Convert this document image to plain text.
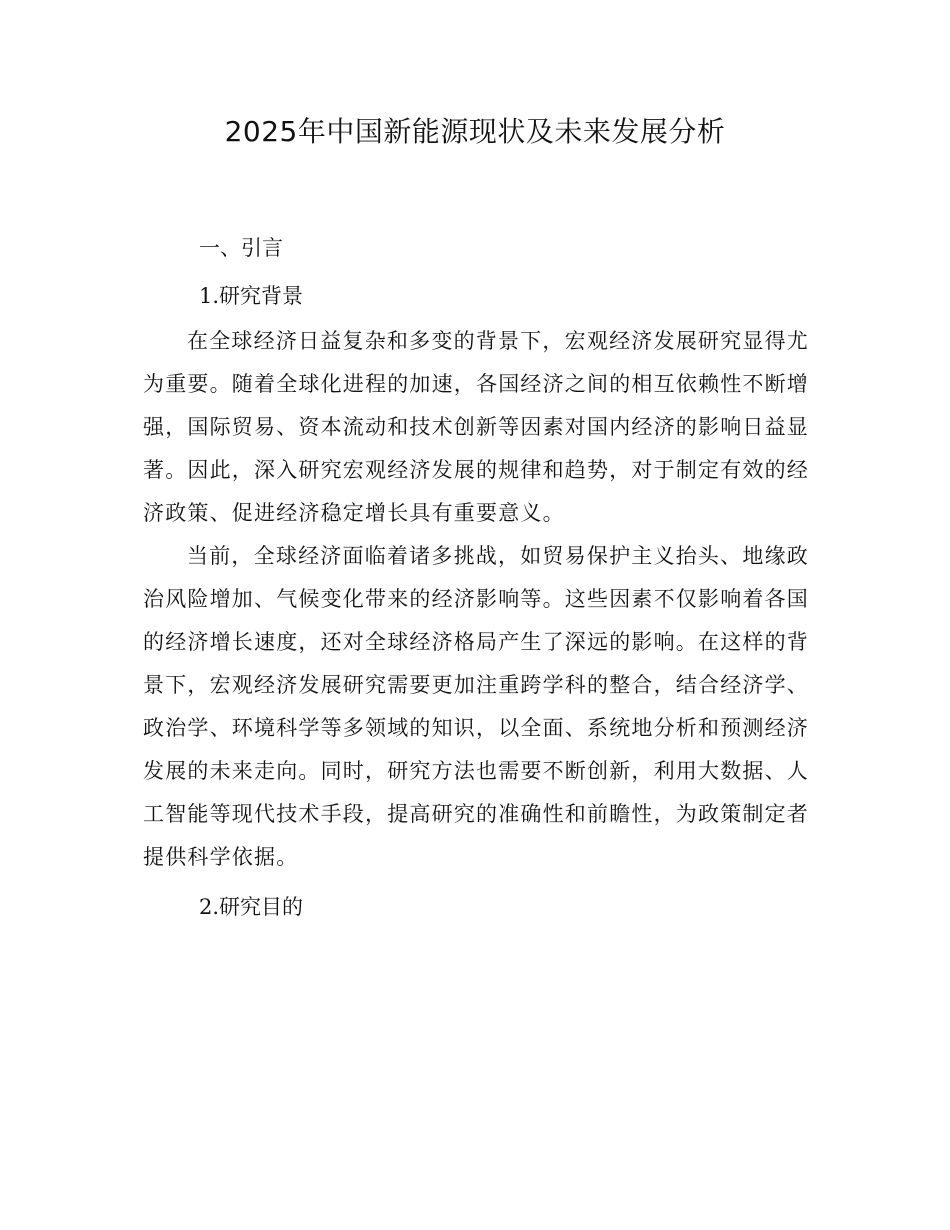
2025年中国新能源现状及未来发展分析
一、引言
1.研究背景

在全球经济日益复杂和多变的背景下，宏观经济发展研究显得尤为重要。随着全球化进程的加速，各国经济之间的相互依赖性不断增强，国际贸易、资本流动和技术创新等因素对国内经济的影响日益显著。因此，深入研究宏观经济发展的规律和趋势，对于制定有效的经济政策、促进经济稳定增长具有重要意义。

当前，全球经济面临着诸多挑战，如贸易保护主义抬头、地缘政治风险增加、气候变化带来的经济影响等。这些因素不仅影响着各国的经济增长速度，还对全球经济格局产生了深远的影响。在这样的背景下，宏观经济发展研究需要更加注重跨学科的整合，结合经济学、政治学、环境科学等多领域的知识，以全面、系统地分析和预测经济发展的未来走向。同时，研究方法也需要不断创新，利用大数据、人工智能等现代技术手段，提高研究的准确性和前瞻性，为政策制定者提供科学依据。

2.研究目的
